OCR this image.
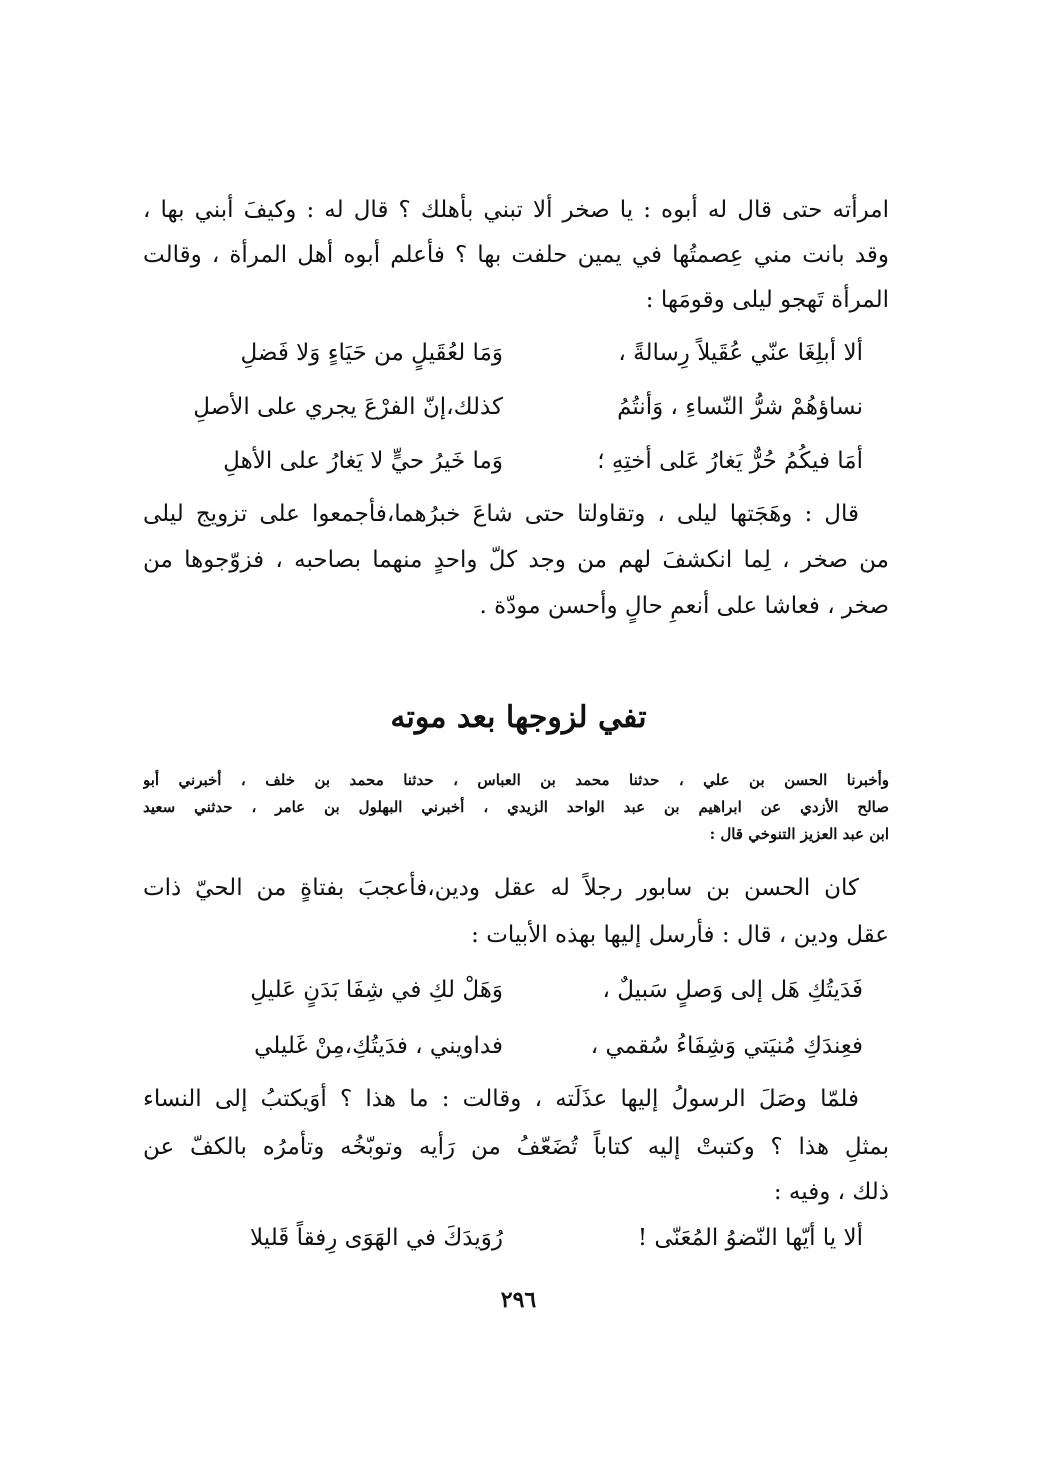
امرأته حتى قال له أبوه : يا صخر ألا تبني بأهلك ؟ قال له : وكيفَ أبني بها ،
وقد بانت مني عِصمتُها في يمين حلفت بها ؟ فأعلم أبوه أهل المرأة ، وقالت
المرأة تَهجو ليلى وقومَها :
ألا أبلِغَا عنّي عُقَيلاً رِسالةً ،
وَمَا لعُقَيلٍ من حَيَاءٍ وَلا فَضلِ
نساؤهُمْ شرُّ النّساءِ ، وَأنتُمُ
كذلك،إنّ الفرْعَ يجري على الأصلِ
أمَا فيكُمُ حُرٌّ يَغارُ عَلى أختِهِ ؛
وَما خَيرُ حيٍّ لا يَغارُ على الأهلِ
قال : وهَجَتها ليلى ، وتقاولتا حتى شاعَ خبرُهما،فأجمعوا على تزويج ليلى
من صخر ، لِما انكشفَ لهم من وجد كلّ واحدٍ منهما بصاحبه ، فزوّجوها من
صخر ، فعاشا على أنعمِ حالٍ وأحسن مودّة .
تفي لزوجها بعد موته
وأخبرنا الحسن بن علي ، حدثنا محمد بن العباس ، حدثنا محمد بن خلف ، أخبرني أبو
صالح الأزدي عن ابراهيم بن عبد الواحد الزيدي ، أخبرني البهلول بن عامر ، حدثني سعيد
ابن عبد العزيز التنوخي قال :
كان الحسن بن سابور رجلاً له عقل ودين،فأعجبَ بفتاةٍ من الحيّ ذات
عقل ودين ، قال : فأرسل إليها بهذه الأبيات :
فَدَيتُكِ هَل إلى وَصلٍ سَبيلٌ ،
وَهَلْ لكِ في شِفَا بَدَنٍ عَليلِ
فعِندَكِ مُنيَتي وَشِفَاءُ سُقمي ،
فداويني ، فدَيتُكِ،مِنْ غَليلي
فلمّا وصَلَ الرسولُ إليها عذَلَته ، وقالت : ما هذا ؟ أوَيكتبُ إلى النساء
بمثلِ هذا ؟ وكتبتْ إليه كتاباً تُضَعّفُ من رَأيه وتوبّخُه وتأمرُه بالكفّ عن
ذلك ، وفيه :
ألا يا أيّها النّضوُ المُعَنّى !
رُوَيدَكَ في الهَوَى رِفقاً قَليلا
٢٩٦
